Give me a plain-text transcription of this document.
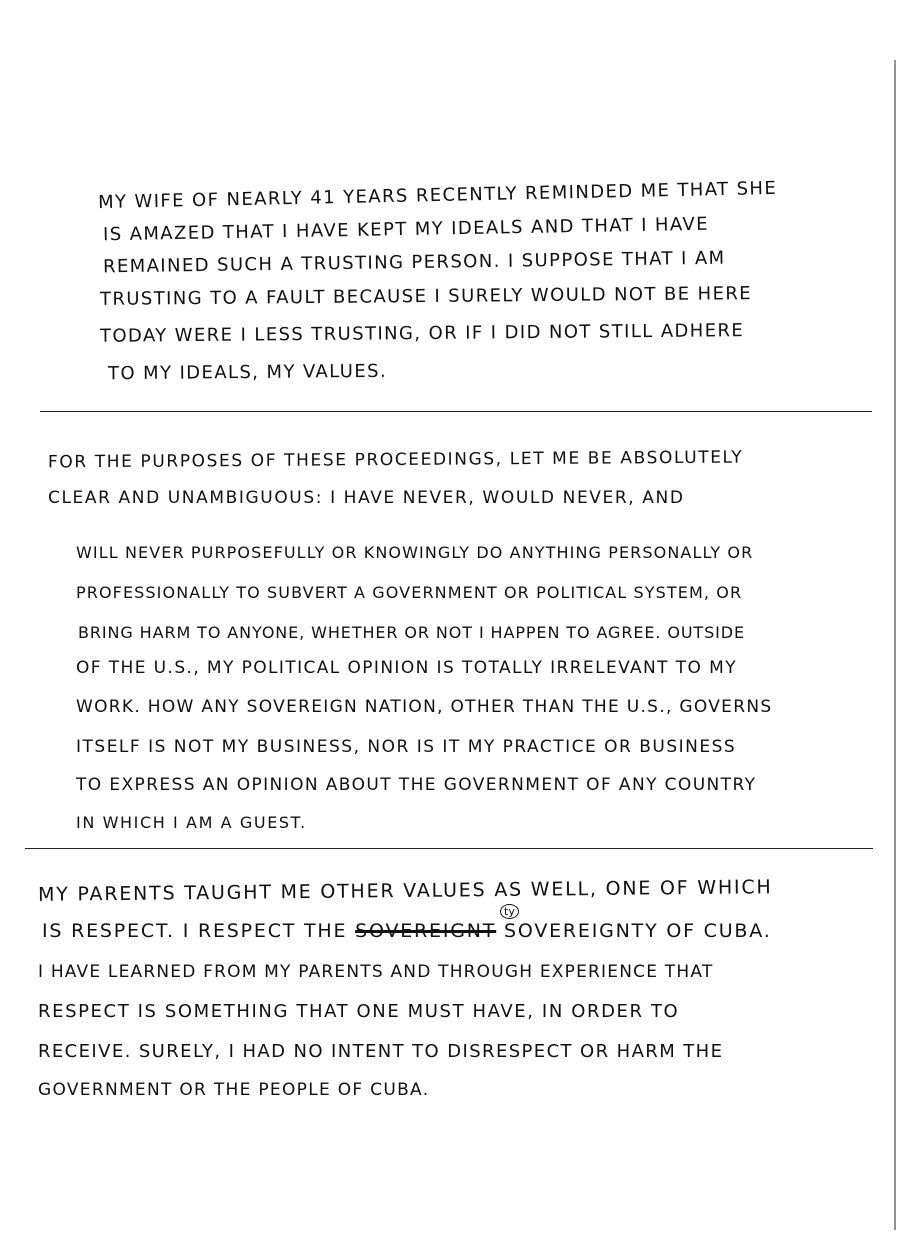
MY WIFE OF NEARLY 41 YEARS RECENTLY REMINDED ME THAT SHE
IS AMAZED THAT I HAVE KEPT MY IDEALS AND THAT I HAVE
REMAINED SUCH A TRUSTING PERSON. I SUPPOSE THAT I AM
TRUSTING TO A FAULT BECAUSE I SURELY WOULD NOT BE HERE
TODAY WERE I LESS TRUSTING, OR IF I DID NOT STILL ADHERE
TO MY IDEALS, MY VALUES.
FOR THE PURPOSES OF THESE PROCEEDINGS, LET ME BE ABSOLUTELY
CLEAR AND UNAMBIGUOUS: I HAVE NEVER, WOULD NEVER, AND
WILL NEVER PURPOSEFULLY OR KNOWINGLY DO ANYTHING PERSONALLY OR
PROFESSIONALLY TO SUBVERT A GOVERNMENT OR POLITICAL SYSTEM, OR
BRING HARM TO ANYONE, WHETHER OR NOT I HAPPEN TO AGREE. OUTSIDE
OF THE U.S., MY POLITICAL OPINION IS TOTALLY IRRELEVANT TO MY
WORK. HOW ANY SOVEREIGN NATION, OTHER THAN THE U.S., GOVERNS
ITSELF IS NOT MY BUSINESS, NOR IS IT MY PRACTICE OR BUSINESS
TO EXPRESS AN OPINION ABOUT THE GOVERNMENT OF ANY COUNTRY
IN WHICH I AM A GUEST.
MY PARENTS TAUGHT ME OTHER VALUES AS WELL, ONE OF WHICH
IS RESPECT. I RESPECT THE SOVEREIGNT SOVEREIGNTY OF CUBA.
ty
I HAVE LEARNED FROM MY PARENTS AND THROUGH EXPERIENCE THAT
RESPECT IS SOMETHING THAT ONE MUST HAVE, IN ORDER TO
RECEIVE. SURELY, I HAD NO INTENT TO DISRESPECT OR HARM THE
GOVERNMENT OR THE PEOPLE OF CUBA.
